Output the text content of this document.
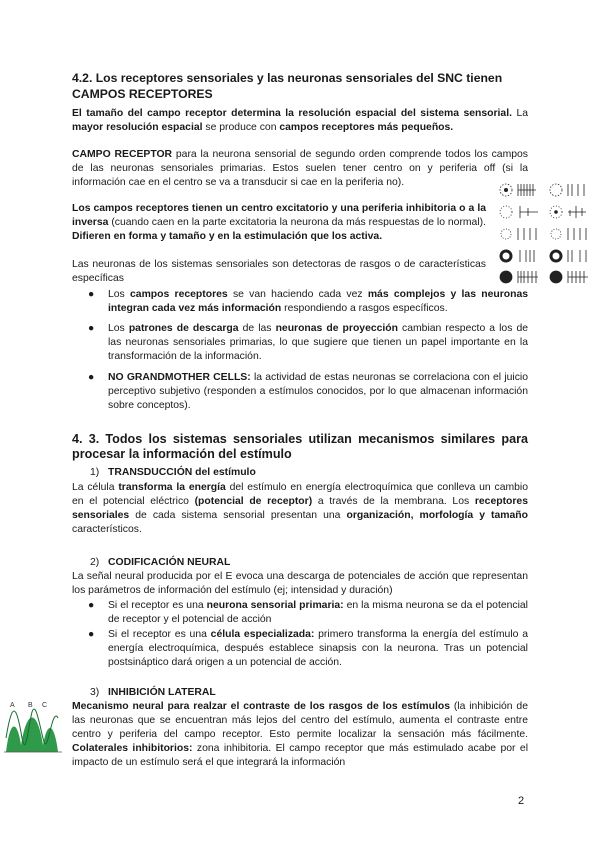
4.2. Los receptores sensoriales y las neuronas sensoriales del SNC tienen
CAMPOS RECEPTORES

El tamaño del campo receptor determina la resolución espacial del sistema sensorial. La mayor resolución espacial se produce con campos receptores más pequeños.

CAMPO RECEPTOR para la neurona sensorial de segundo orden comprende todos los campos de las neuronas sensoriales primarias. Estos suelen tener centro on y periferia off (si la información cae en el centro se va a transducir si cae en la periferia no).

Los campos receptores tienen un centro excitatorio y una periferia inhibitoria o a la inversa (cuando caen en la parte excitatoria la neurona da más respuestas de lo normal). Difieren en forma y tamaño y en la estimulación que los activa.

Las neuronas de los sistemas sensoriales son detectoras de rasgos o de características específicas

●	Los campos receptores se van haciendo cada vez más complejos y las neuronas integran cada vez más información respondiendo a rasgos específicos.
●	Los patrones de descarga de las neuronas de proyección cambian respecto a los de las neuronas sensoriales primarias, lo que sugiere que tienen un papel importante en la transformación de la información.
●	NO GRANDMOTHER CELLS: la actividad de estas neuronas se correlaciona con el juicio perceptivo subjetivo (responden a estímulos conocidos, por lo que almacenan información sobre conceptos).
4. 3. Todos los sistemas sensoriales utilizan mecanismos similares para procesar la información del estímulo
1) TRANSDUCCIÓN del estímulo

La célula transforma la energía del estímulo en energía electroquímica que conlleva un cambio en el potencial eléctrico (potencial de receptor) a través de la membrana. Los receptores sensoriales de cada sistema sensorial presentan una organización, morfología y tamaño característicos.

2) CODIFICACIÓN NEURAL

La señal neural producida por el E evoca una descarga de potenciales de acción que representan los parámetros de información del estímulo (ej; intensidad y duración)

●	Si el receptor es una neurona sensorial primaria: en la misma neurona se da el potencial de receptor y el potencial de acción
●	Si el receptor es una célula especializada: primero transforma la energía del estímulo a energía electroquímica, después establece sinapsis con la neurona. Tras un potencial postsináptico dará origen a un potencial de acción.
3) INHIBICIÓN LATERAL

Mecanismo neural para realzar el contraste de los rasgos de los estímulos (la inhibición de las neuronas que se encuentran más lejos del centro del estímulo, aumenta el contraste entre centro y periferia del campo receptor. Esto permite localizar la sensación más fácilmente. Colaterales inhibitorios: zona inhibitoria. El campo receptor que más estimulado acabe por el impacto de un estímulo será el que integrará la información

A B C
2
